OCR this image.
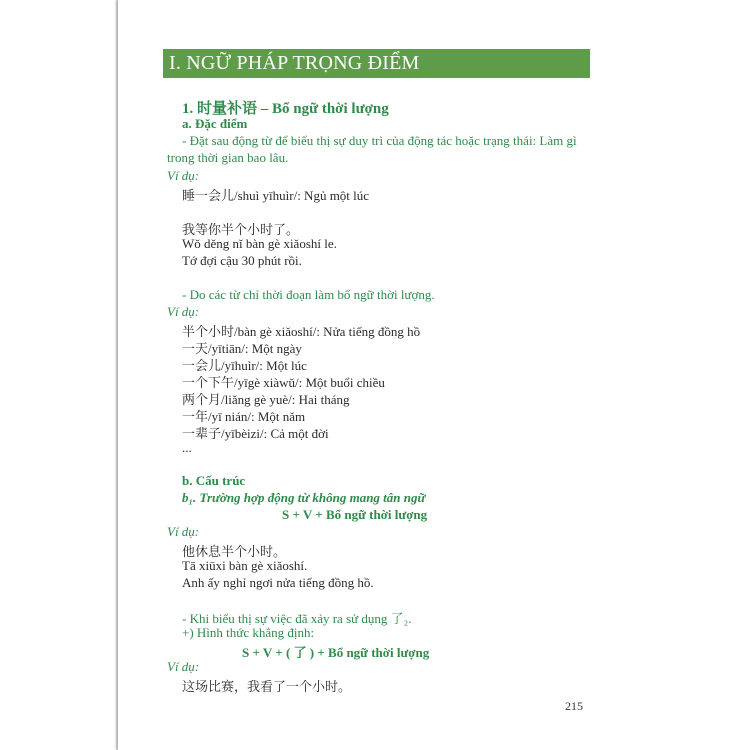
I. NGỮ PHÁP TRỌNG ĐIỂM
1. 时量补语 – Bổ ngữ thời lượng
a. Đặc điểm
- Đặt sau động từ để biểu thị sự duy trì của động tác hoặc trạng thái: Làm gì
trong thời gian bao lâu.
Ví dụ:
睡一会儿/shuì yīhuìr/: Ngủ một lúc
我等你半个小时了。
Wǒ děng nǐ bàn gè xiǎoshí le.
Tớ đợi cậu 30 phút rồi.
- Do các từ chỉ thời đoạn làm bổ ngữ thời lượng.
Ví dụ:
半个小时/bàn gè xiǎoshí/: Nửa tiếng đồng hồ
一天/yītiān/: Một ngày
一会儿/yīhuìr/: Một lúc
一个下午/yīgè xiàwǔ/: Một buổi chiều
两个月/liǎng gè yuè/: Hai tháng
一年/yī nián/: Một năm
一辈子/yībèizi/: Cả một đời
...
b. Cấu trúc
b₁. Trường hợp động từ không mang tân ngữ
S + V + Bổ ngữ thời lượng
Ví dụ:
他休息半个小时。
Tā xiūxi bàn gè xiǎoshí.
Anh ấy nghỉ ngơi nửa tiếng đồng hồ.
- Khi biểu thị sự việc đã xảy ra sử dụng 了₂.
+) Hình thức khẳng định:
S + V + ( 了 ) + Bổ ngữ thời lượng
Ví dụ:
这场比赛，我看了一个小时。
215
